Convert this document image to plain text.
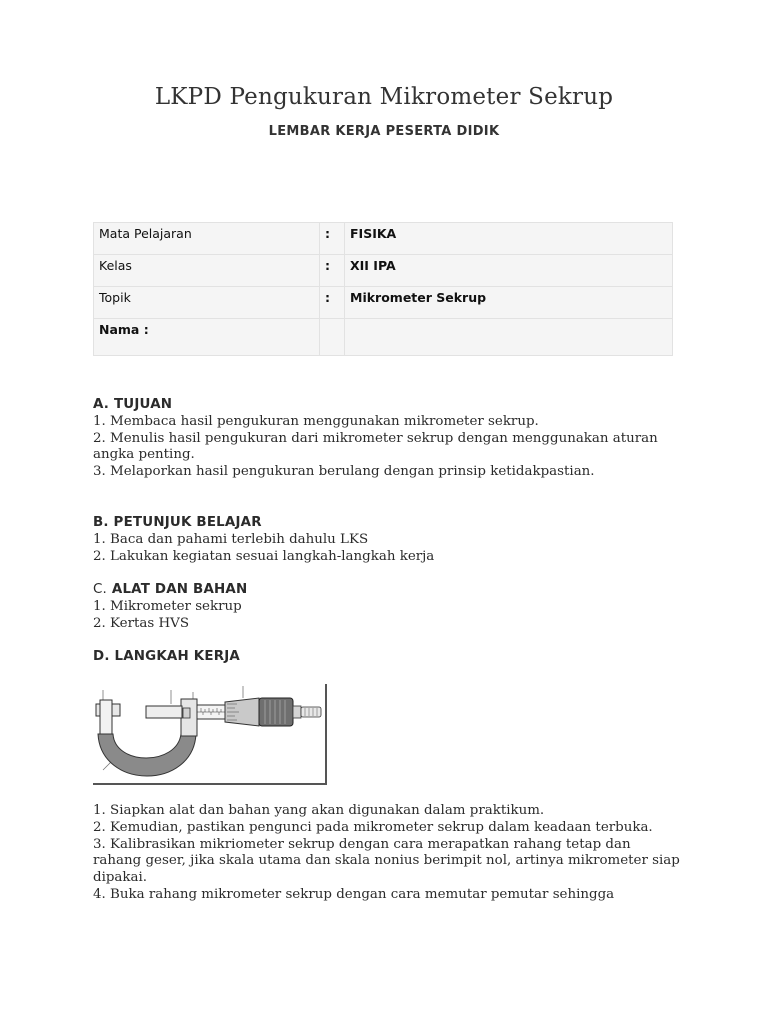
LKPD Pengukuran Mikrometer Sekrup
LEMBAR KERJA PESERTA DIDIK
Mata Pelajaran	:	FISIKA
Kelas	:	XII IPA
Topik	:	Mikrometer Sekrup
Nama :		
A. TUJUAN
1. Membaca hasil pengukuran menggunakan mikrometer sekrup.
2. Menulis hasil pengukuran dari mikrometer sekrup dengan menggunakan aturan angka penting.
3. Melaporkan hasil pengukuran berulang dengan prinsip ketidakpastian.
B. PETUNJUK BELAJAR
1. Baca dan pahami terlebih dahulu LKS
2. Lakukan kegiatan sesuai langkah-langkah kerja
C. ALAT DAN BAHAN
1. Mikrometer sekrup
2. Kertas HVS
D. LANGKAH KERJA
1. Siapkan alat dan bahan yang akan digunakan dalam praktikum.
2. Kemudian, pastikan pengunci pada mikrometer sekrup dalam keadaan terbuka.
3. Kalibrasikan mikriometer sekrup dengan cara merapatkan rahang tetap dan rahang geser, jika skala utama dan skala nonius berimpit nol, artinya mikrometer siap dipakai.
4. Buka rahang mikrometer sekrup dengan cara memutar pemutar sehingga
